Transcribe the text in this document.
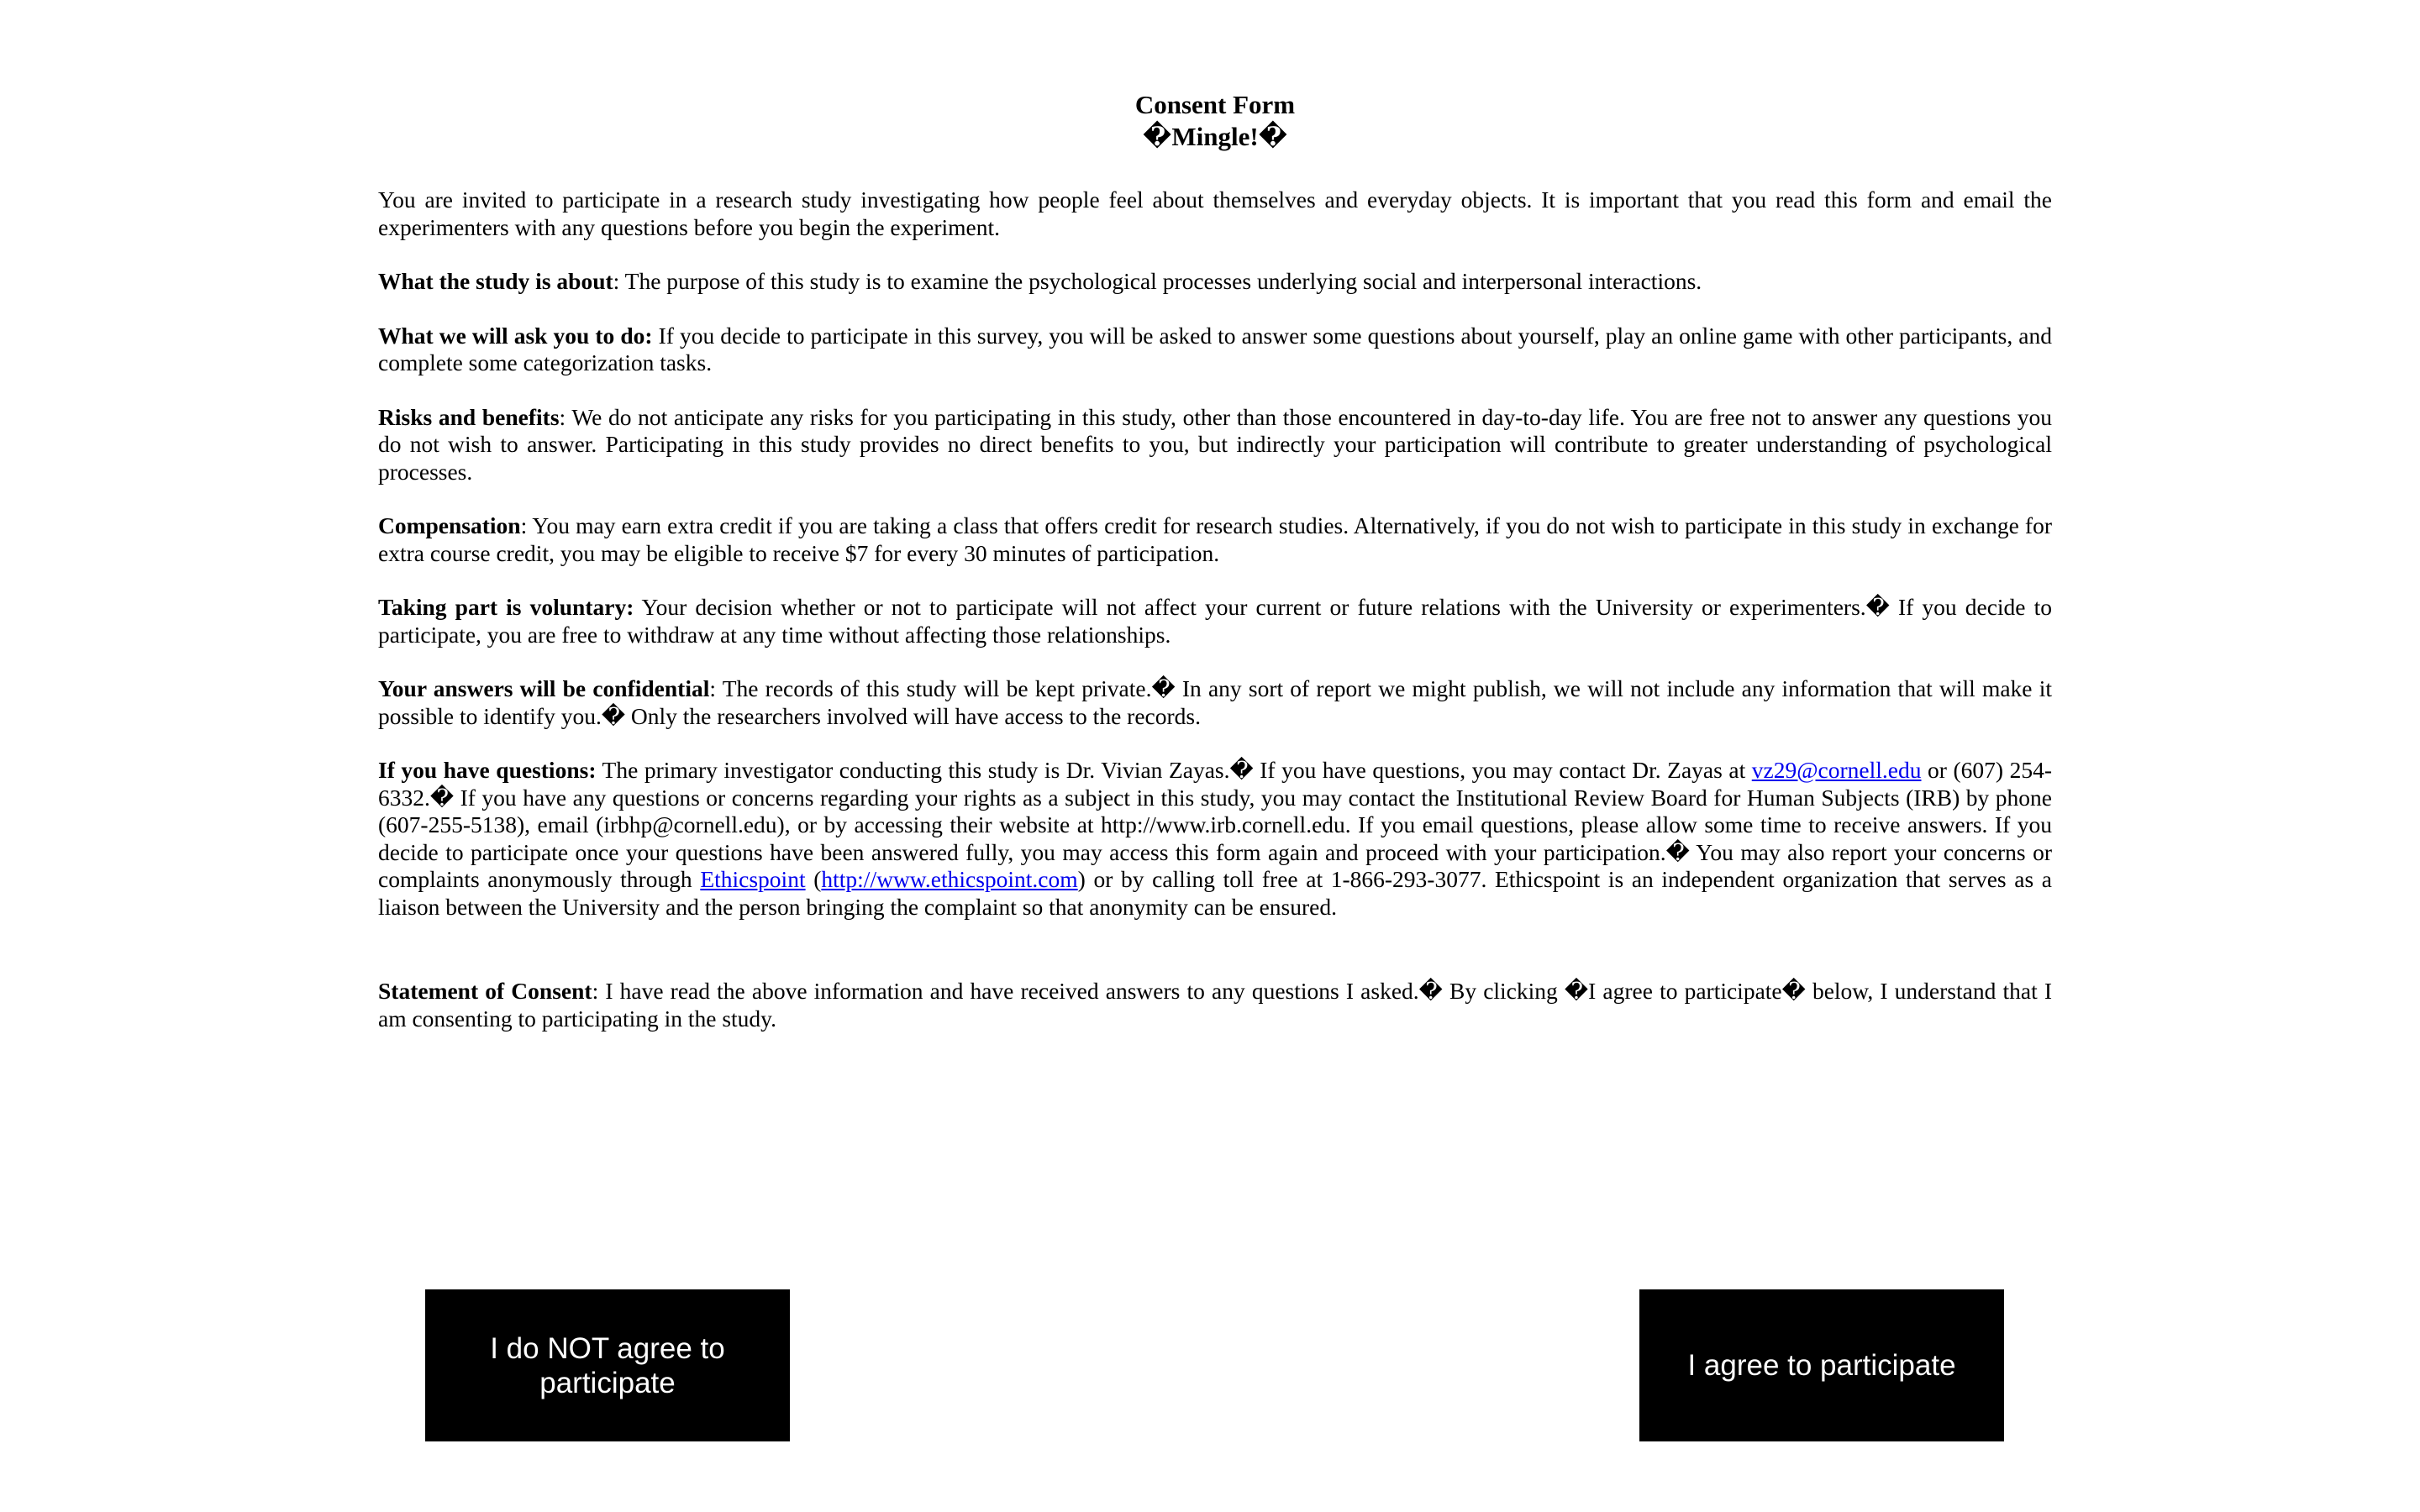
Consent Form
�Mingle!�

You are invited to participate in a research study investigating how people feel about themselves and everyday objects. It is important that you read this form and email the experimenters with any questions before you begin the experiment.

What the study is about: The purpose of this study is to examine the psychological processes underlying social and interpersonal interactions.

What we will ask you to do: If you decide to participate in this survey, you will be asked to answer some questions about yourself, play an online game with other participants, and complete some categorization tasks.

Risks and benefits: We do not anticipate any risks for you participating in this study, other than those encountered in day-to-day life. You are free not to answer any questions you do not wish to answer. Participating in this study provides no direct benefits to you, but indirectly your participation will contribute to greater understanding of psychological processes.

Compensation: You may earn extra credit if you are taking a class that offers credit for research studies. Alternatively, if you do not wish to participate in this study in exchange for extra course credit, you may be eligible to receive $7 for every 30 minutes of participation.

Taking part is voluntary: Your decision whether or not to participate will not affect your current or future relations with the University or experimenters.� If you decide to participate, you are free to withdraw at any time without affecting those relationships.

Your answers will be confidential: The records of this study will be kept private.� In any sort of report we might publish, we will not include any information that will make it possible to identify you.� Only the researchers involved will have access to the records.

If you have questions: The primary investigator conducting this study is Dr. Vivian Zayas.� If you have questions, you may contact Dr. Zayas at vz29@cornell.edu or (607) 254-6332.� If you have any questions or concerns regarding your rights as a subject in this study, you may contact the Institutional Review Board for Human Subjects (IRB) by phone (607-255-5138), email (irbhp@cornell.edu), or by accessing their website at http://www.irb.cornell.edu. If you email questions, please allow some time to receive answers. If you decide to participate once your questions have been answered fully, you may access this form again and proceed with your participation.� You may also report your concerns or complaints anonymously through Ethicspoint (http://www.ethicspoint.com) or by calling toll free at 1-866-293-3077. Ethicspoint is an independent organization that serves as a liaison between the University and the person bringing the complaint so that anonymity can be ensured.

Statement of Consent: I have read the above information and have received answers to any questions I asked.� By clicking �I agree to participate� below, I understand that I am consenting to participating in the study.

I do NOT agree to participate
I agree to participate
